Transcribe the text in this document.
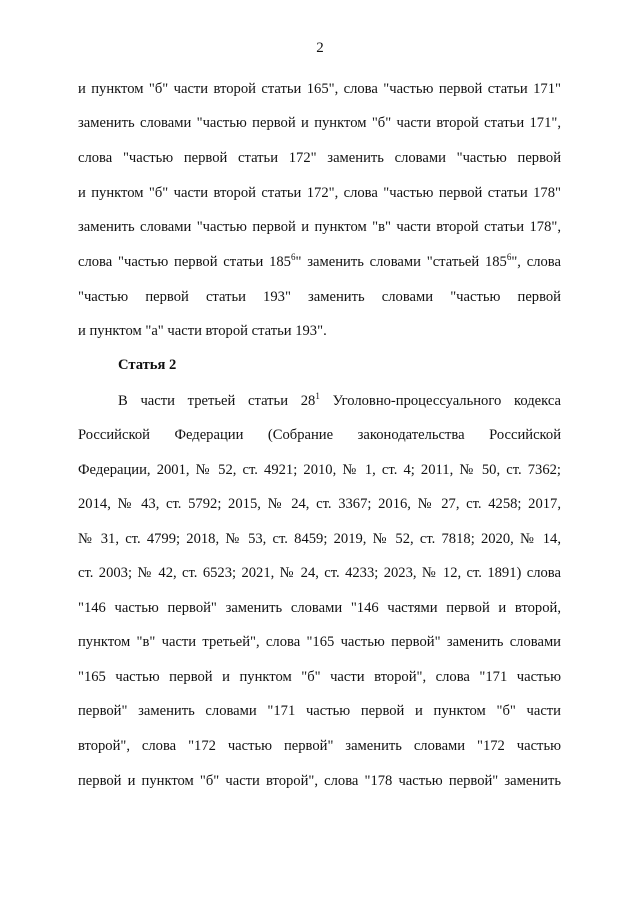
2
и пунктом "б" части второй статьи 165", слова "частью первой статьи 171"
заменить словами "частью первой и пунктом "б" части второй статьи 171",
слова "частью первой статьи 172" заменить словами "частью первой
и пунктом "б" части второй статьи 172", слова "частью первой статьи 178"
заменить словами "частью первой и пунктом "в" части второй статьи 178",
слова "частью первой статьи $185^6$" заменить словами "статьей $185^6$", слова
"частью первой статьи 193" заменить словами "частью первой
и пунктом "а" части второй статьи 193".
Статья 2
В части третьей статьи $28^1$ Уголовно-процессуального кодекса
Российской Федерации (Собрание законодательства Российской
Федерации, 2001, № 52, ст. 4921; 2010, № 1, ст. 4; 2011, № 50, ст. 7362;
2014, № 43, ст. 5792; 2015, № 24, ст. 3367; 2016, № 27, ст. 4258; 2017,
№ 31, ст. 4799; 2018, № 53, ст. 8459; 2019, № 52, ст. 7818; 2020, № 14,
ст. 2003; № 42, ст. 6523; 2021, № 24, ст. 4233; 2023, № 12, ст. 1891) слова
"146 частью первой" заменить словами "146 частями первой и второй,
пунктом "в" части третьей", слова "165 частью первой" заменить словами
"165 частью первой и пунктом "б" части второй", слова "171 частью
первой" заменить словами "171 частью первой и пунктом "б" части
второй", слова "172 частью первой" заменить словами "172 частью
первой и пунктом "б" части второй", слова "178 частью первой" заменить
